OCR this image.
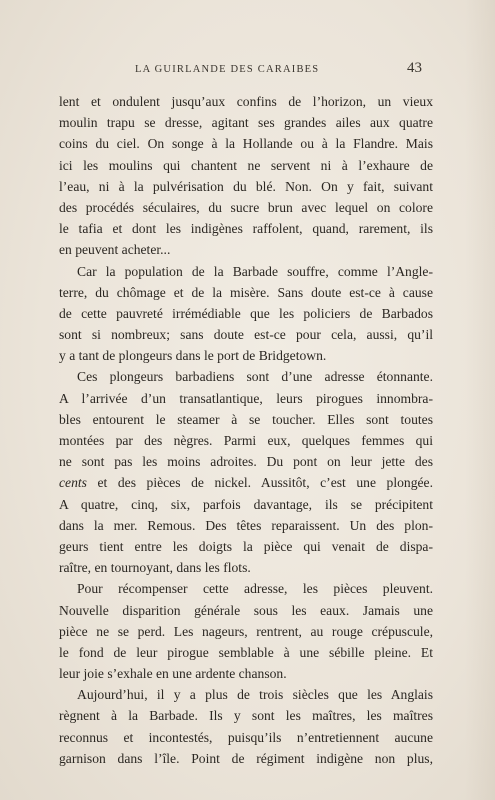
LA GUIRLANDE DES CARAIBES	43
lent et ondulent jusqu’aux confins de l’horizon, un vieux
moulin trapu se dresse, agitant ses grandes ailes aux quatre
coins du ciel. On songe à la Hollande ou à la Flandre. Mais
ici les moulins qui chantent ne servent ni à l’exhaure de
l’eau, ni à la pulvérisation du blé. Non. On y fait, suivant
des procédés séculaires, du sucre brun avec lequel on colore
le tafia et dont les indigènes raffolent, quand, rarement, ils
en peuvent acheter...
Car la population de la Barbade souffre, comme l’Angle-
terre, du chômage et de la misère. Sans doute est-ce à cause
de cette pauvreté irrémédiable que les policiers de Barbados
sont si nombreux; sans doute est-ce pour cela, aussi, qu’il
y a tant de plongeurs dans le port de Bridgetown.
Ces plongeurs barbadiens sont d’une adresse étonnante.
A l’arrivée d’un transatlantique, leurs pirogues innombra-
bles entourent le steamer à se toucher. Elles sont toutes
montées par des nègres. Parmi eux, quelques femmes qui
ne sont pas les moins adroites. Du pont on leur jette des
cents et des pièces de nickel. Aussitôt, c’est une plongée.
A quatre, cinq, six, parfois davantage, ils se précipitent
dans la mer. Remous. Des têtes reparaissent. Un des plon-
geurs tient entre les doigts la pièce qui venait de dispa-
raître, en tournoyant, dans les flots.
Pour récompenser cette adresse, les pièces pleuvent.
Nouvelle disparition générale sous les eaux. Jamais une
pièce ne se perd. Les nageurs, rentrent, au rouge crépuscule,
le fond de leur pirogue semblable à une sébille pleine. Et
leur joie s’exhale en une ardente chanson.
Aujourd’hui, il y a plus de trois siècles que les Anglais
règnent à la Barbade. Ils y sont les maîtres, les maîtres
reconnus et incontestés, puisqu’ils n’entretiennent aucune
garnison dans l’île. Point de régiment indigène non plus,
